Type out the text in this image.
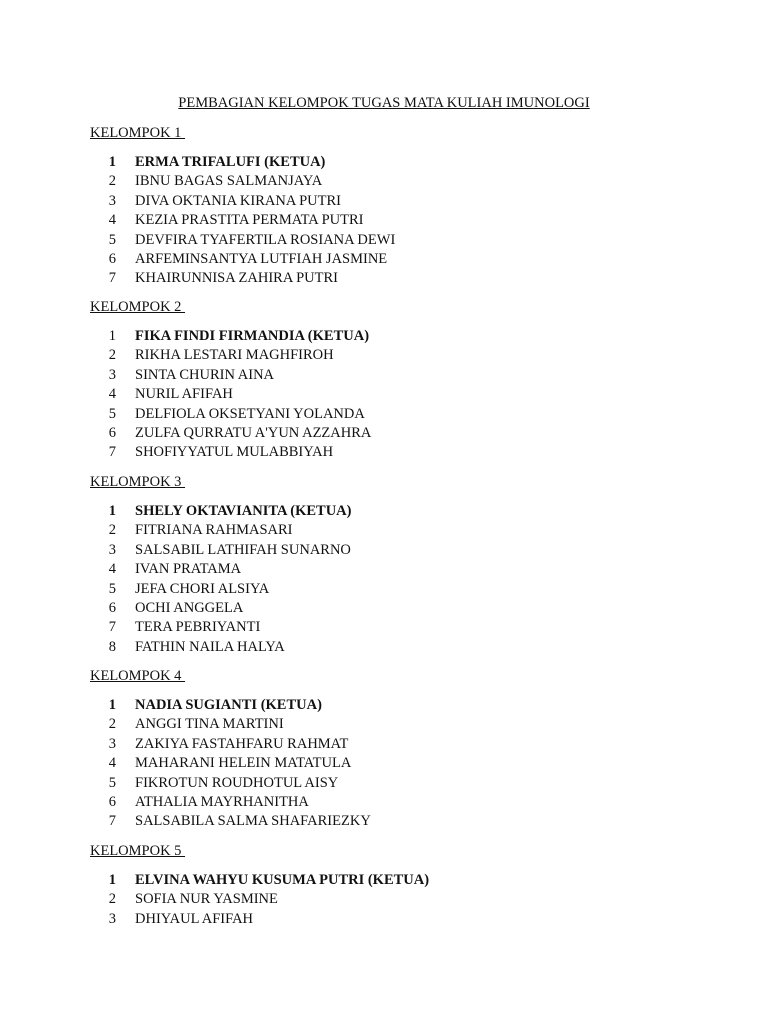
PEMBAGIAN KELOMPOK TUGAS MATA KULIAH IMUNOLOGI
KELOMPOK 1
1	ERMA TRIFALUFI (KETUA)
2	IBNU BAGAS SALMANJAYA
3	DIVA OKTANIA KIRANA PUTRI
4	KEZIA PRASTITA PERMATA PUTRI
5	DEVFIRA TYAFERTILA ROSIANA DEWI
6	ARFEMINSANTYA LUTFIAH JASMINE
7	KHAIRUNNISA ZAHIRA PUTRI
KELOMPOK 2
1	FIKA FINDI FIRMANDIA (KETUA)
2	RIKHA LESTARI MAGHFIROH
3	SINTA CHURIN AINA
4	NURIL AFIFAH
5	DELFIOLA OKSETYANI YOLANDA
6	ZULFA QURRATU A'YUN AZZAHRA
7	SHOFIYYATUL MULABBIYAH
KELOMPOK 3
1	SHELY OKTAVIANITA (KETUA)
2	FITRIANA RAHMASARI
3	SALSABIL LATHIFAH SUNARNO
4	IVAN PRATAMA
5	JEFA CHORI ALSIYA
6	OCHI ANGGELA
7	TERA PEBRIYANTI
8	FATHIN NAILA HALYA
KELOMPOK 4
1	NADIA SUGIANTI (KETUA)
2	ANGGI TINA MARTINI
3	ZAKIYA FASTAHFARU RAHMAT
4	MAHARANI HELEIN MATATULA
5	FIKROTUN ROUDHOTUL AISY
6	ATHALIA MAYRHANITHA
7	SALSABILA SALMA SHAFARIEZKY
KELOMPOK 5
1	ELVINA WAHYU KUSUMA PUTRI (KETUA)
2	SOFIA NUR YASMINE
3	DHIYAUL AFIFAH
